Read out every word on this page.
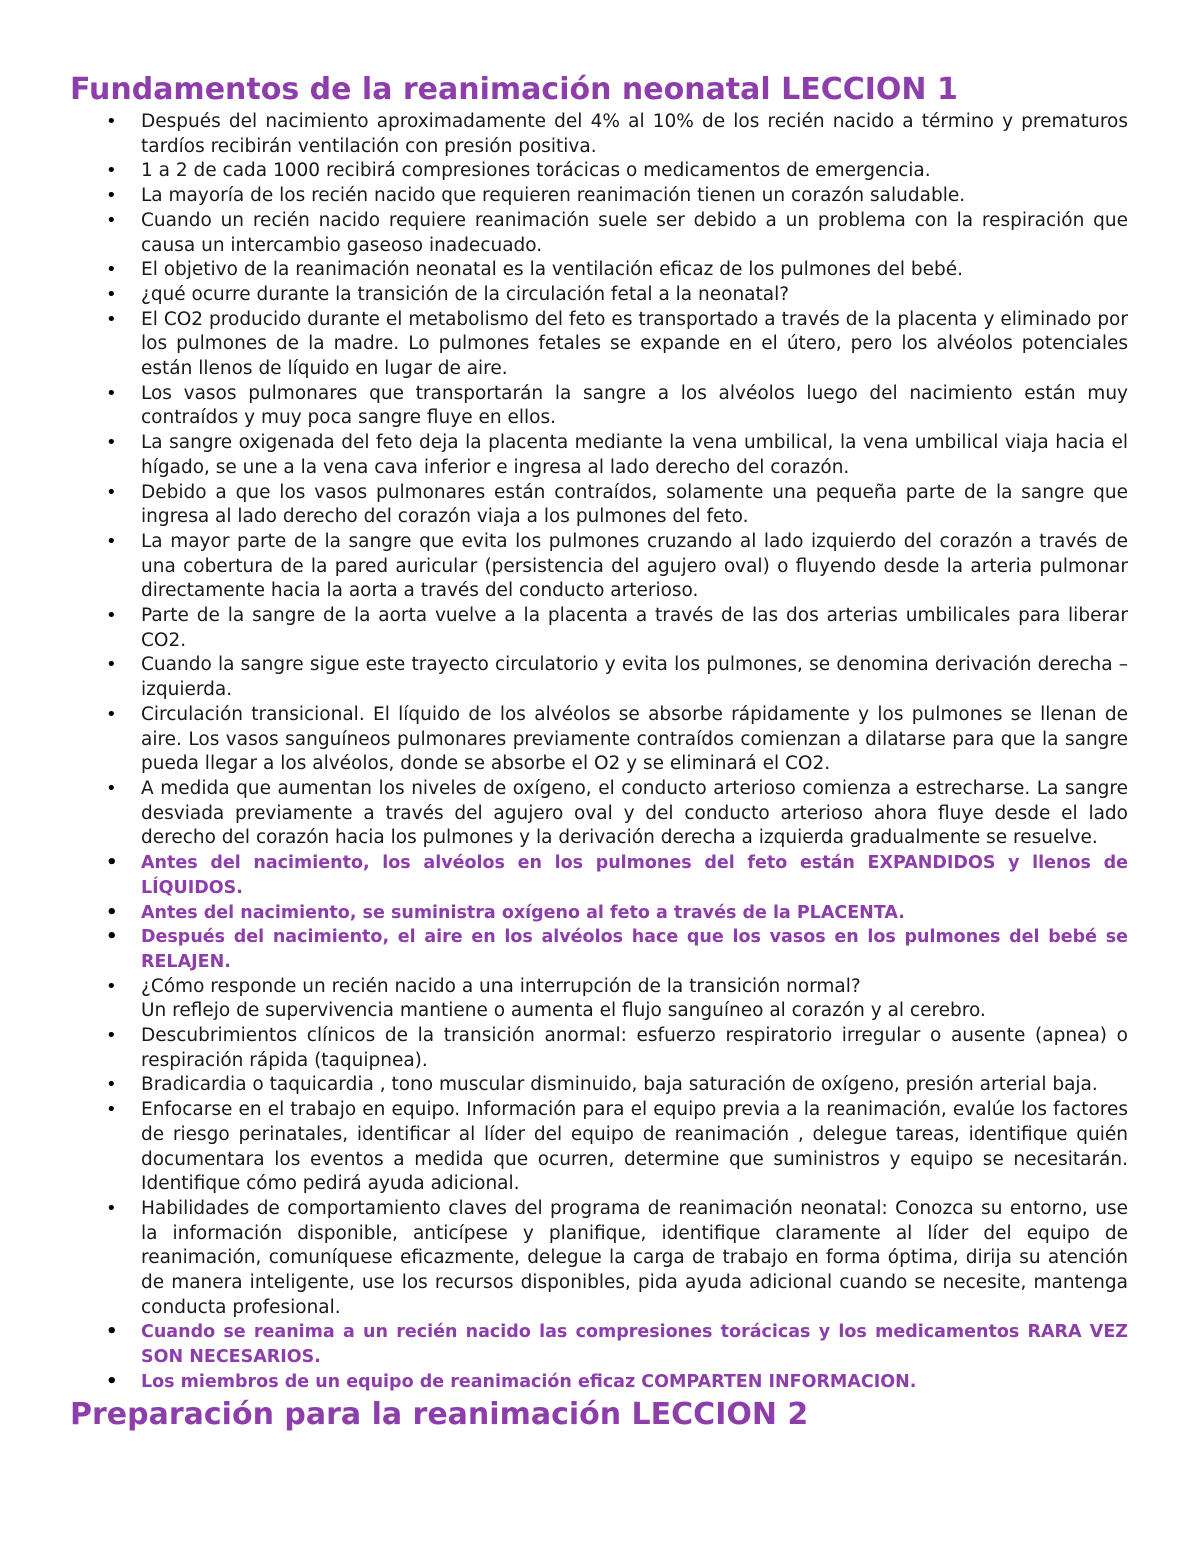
Fundamentos de la reanimación neonatal LECCION 1
• Después del nacimiento aproximadamente del 4% al 10% de los recién nacido a término y prematuros tardíos recibirán ventilación con presión positiva.
• 1 a 2 de cada 1000 recibirá compresiones torácicas o medicamentos de emergencia.
• La mayoría de los recién nacido que requieren reanimación tienen un corazón saludable.
• Cuando un recién nacido requiere reanimación suele ser debido a un problema con la respiración que causa un intercambio gaseoso inadecuado.
• El objetivo de la reanimación neonatal es la ventilación eficaz de los pulmones del bebé.
• ¿qué ocurre durante la transición de la circulación fetal a la neonatal?
• El CO2 producido durante el metabolismo del feto es transportado a través de la placenta y eliminado por los pulmones de la madre. Lo pulmones fetales se expande en el útero, pero los alvéolos potenciales están llenos de líquido en lugar de aire.
• Los vasos pulmonares que transportarán la sangre a los alvéolos luego del nacimiento están muy contraídos y muy poca sangre fluye en ellos.
• La sangre oxigenada del feto deja la placenta mediante la vena umbilical, la vena umbilical viaja hacia el hígado, se une a la vena cava inferior e ingresa al lado derecho del corazón.
• Debido a que los vasos pulmonares están contraídos, solamente una pequeña parte de la sangre que ingresa al lado derecho del corazón viaja a los pulmones del feto.
• La mayor parte de la sangre que evita los pulmones cruzando al lado izquierdo del corazón a través de una cobertura de la pared auricular (persistencia del agujero oval) o fluyendo desde la arteria pulmonar directamente hacia la aorta a través del conducto arterioso.
• Parte de la sangre de la aorta vuelve a la placenta a través de las dos arterias umbilicales para liberar CO2.
• Cuando la sangre sigue este trayecto circulatorio y evita los pulmones, se denomina derivación derecha – izquierda.
• Circulación transicional. El líquido de los alvéolos se absorbe rápidamente y los pulmones se llenan de aire. Los vasos sanguíneos pulmonares previamente contraídos comienzan a dilatarse para que la sangre pueda llegar a los alvéolos, donde se absorbe el O2 y se eliminará el CO2.
• A medida que aumentan los niveles de oxígeno, el conducto arterioso comienza a estrecharse. La sangre desviada previamente a través del agujero oval y del conducto arterioso ahora fluye desde el lado derecho del corazón hacia los pulmones y la derivación derecha a izquierda gradualmente se resuelve.
• Antes del nacimiento, los alvéolos en los pulmones del feto están EXPANDIDOS y llenos de LÍQUIDOS.
• Antes del nacimiento, se suministra oxígeno al feto a través de la PLACENTA.
• Después del nacimiento, el aire en los alvéolos hace que los vasos en los pulmones del bebé se RELAJEN.
• ¿Cómo responde un recién nacido a una interrupción de la transición normal?
Un reflejo de supervivencia mantiene o aumenta el flujo sanguíneo al corazón y al cerebro.
• Descubrimientos clínicos de la transición anormal: esfuerzo respiratorio irregular o ausente (apnea) o respiración rápida (taquipnea).
• Bradicardia o taquicardia , tono muscular disminuido, baja saturación de oxígeno, presión arterial baja.
• Enfocarse en el trabajo en equipo. Información para el equipo previa a la reanimación, evalúe los factores de riesgo perinatales, identificar al líder del equipo de reanimación , delegue tareas, identifique quién documentara los eventos a medida que ocurren, determine que suministros y equipo se necesitarán. Identifique cómo pedirá ayuda adicional.
• Habilidades de comportamiento claves del programa de reanimación neonatal: Conozca su entorno, use la información disponible, anticípese y planifique, identifique claramente al líder del equipo de reanimación, comuníquese eficazmente, delegue la carga de trabajo en forma óptima, dirija su atención de manera inteligente, use los recursos disponibles, pida ayuda adicional cuando se necesite, mantenga conducta profesional.
• Cuando se reanima a un recién nacido las compresiones torácicas y los medicamentos RARA VEZ SON NECESARIOS.
• Los miembros de un equipo de reanimación eficaz COMPARTEN INFORMACION.
Preparación para la reanimación LECCION 2
